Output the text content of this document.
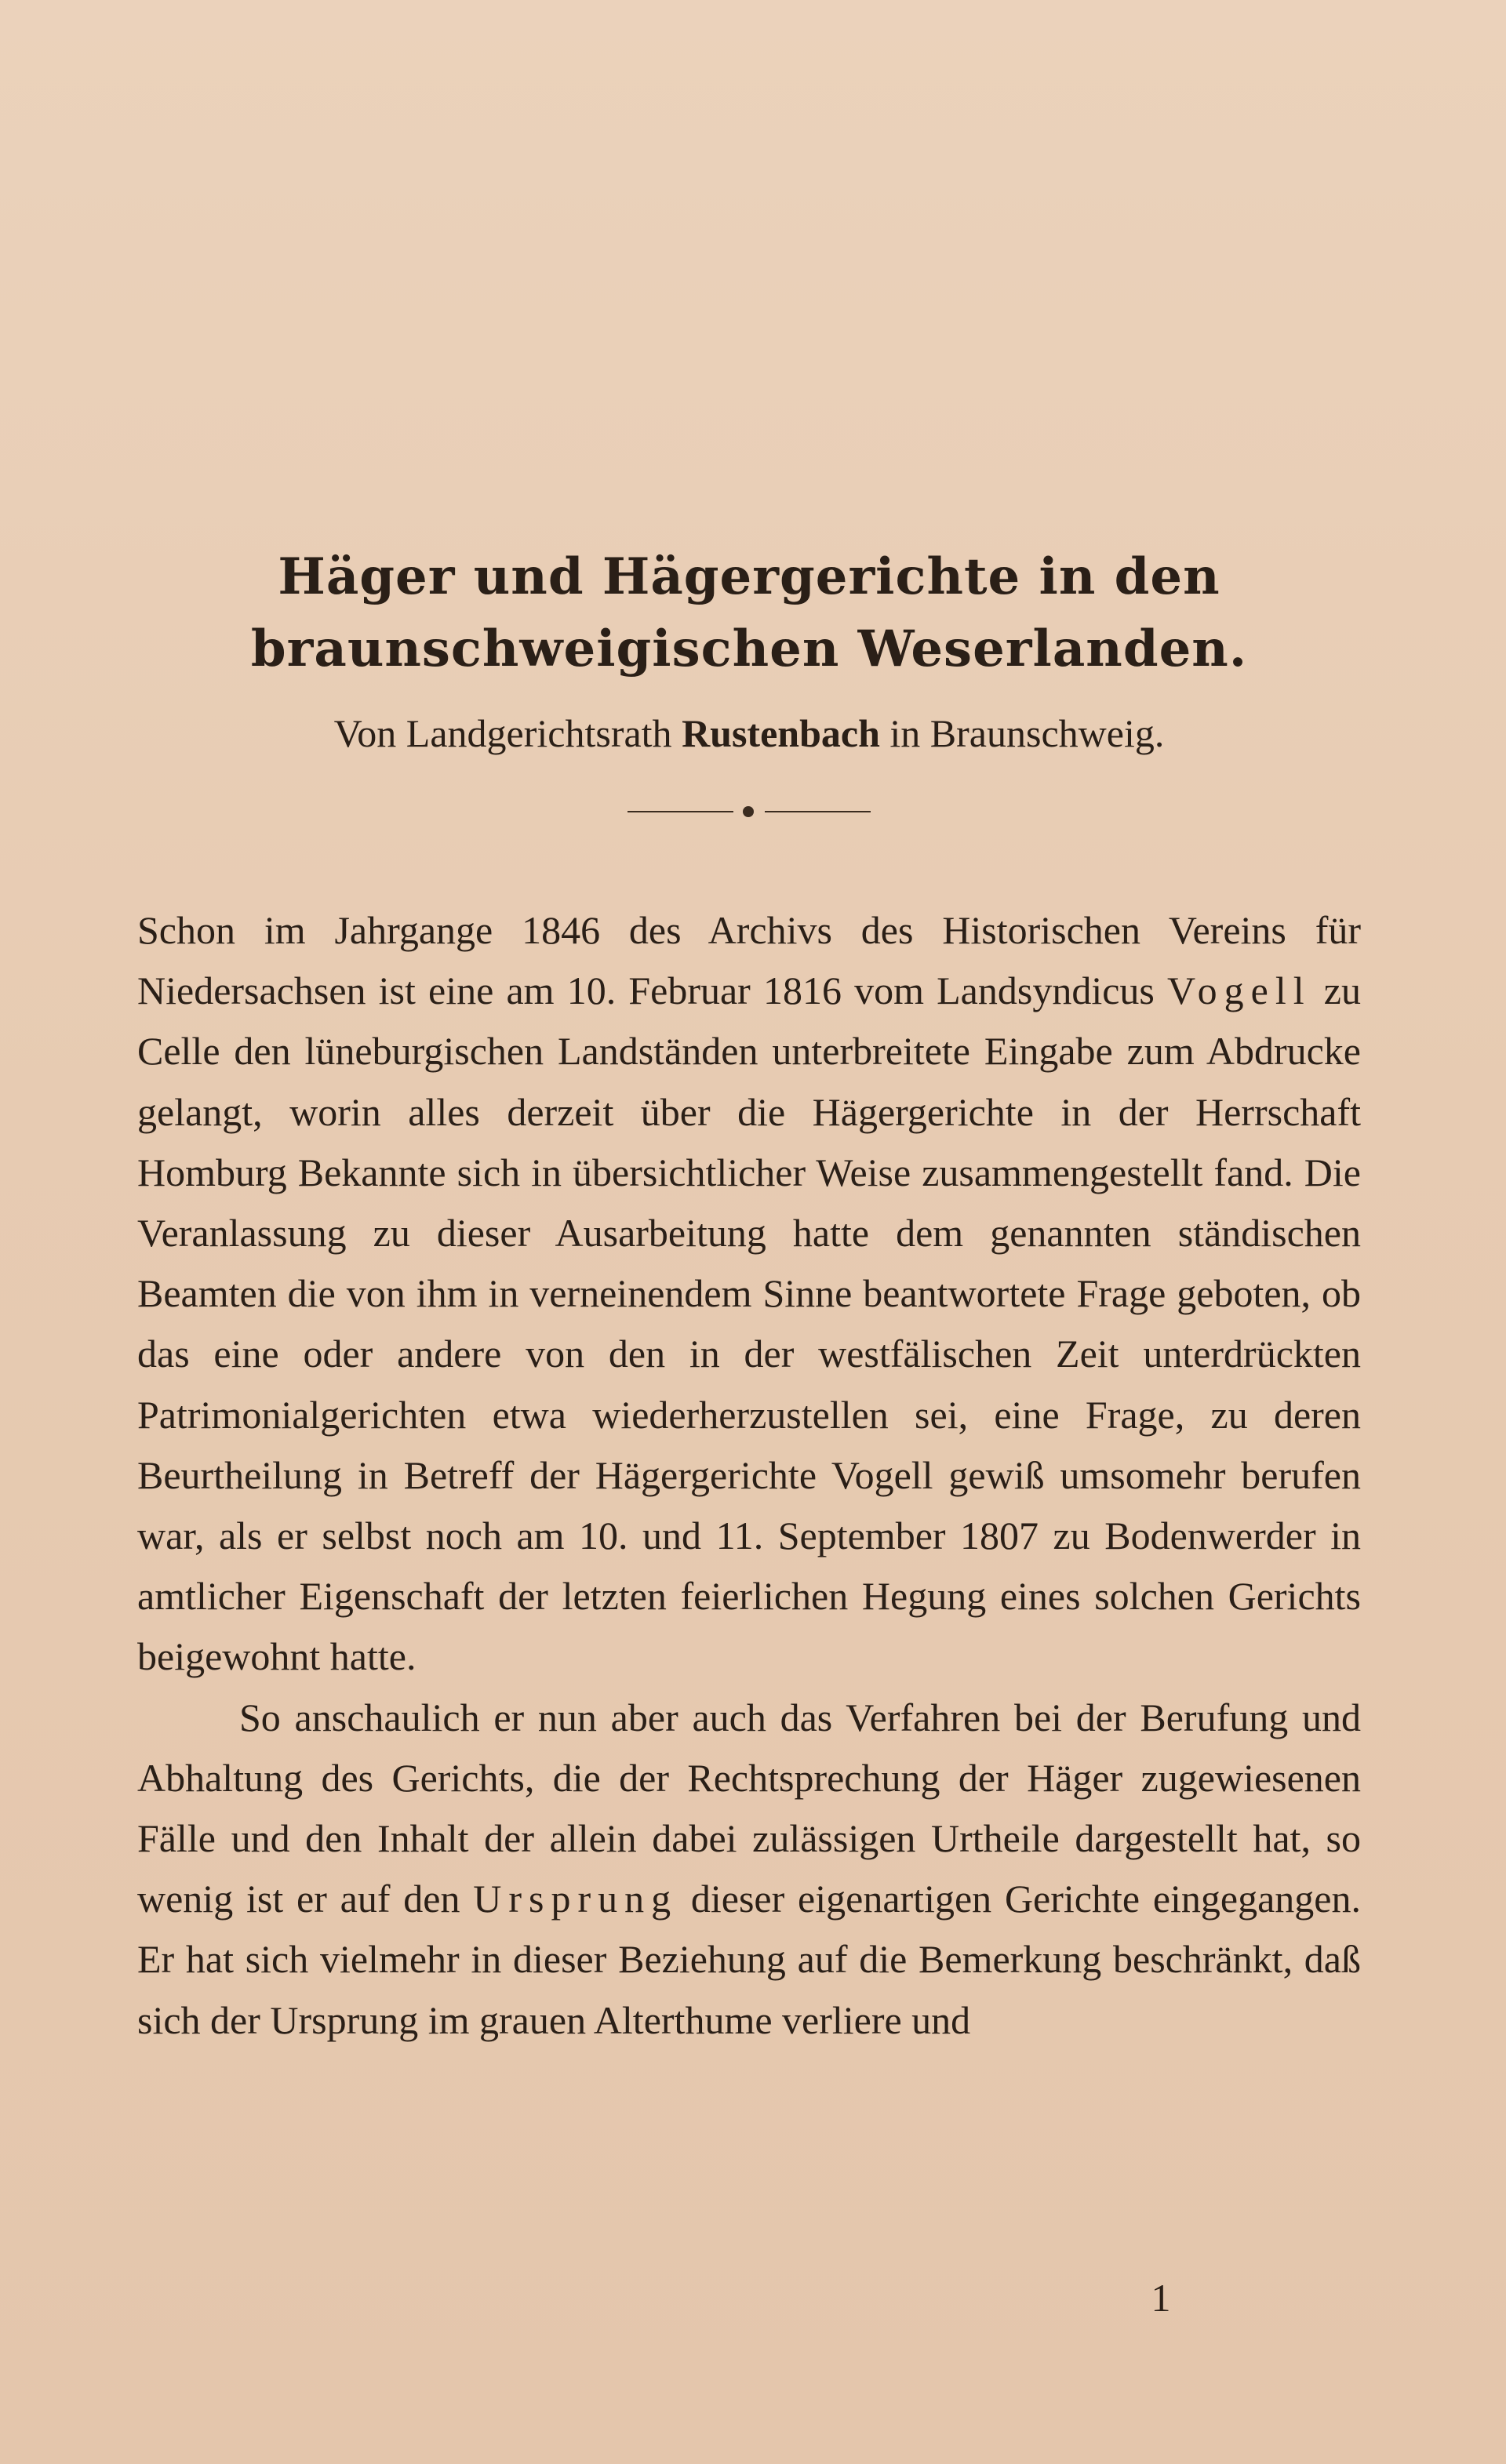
Häger und Hägergerichte in den braunschweigischen Weserlanden.
Von Landgerichtsrath Rustenbach in Braunschweig.

Schon im Jahrgange 1846 des Archivs des Historischen Vereins für Niedersachsen ist eine am 10. Februar 1816 vom Landsyndicus Vogell zu Celle den lüneburgischen Landständen unterbreitete Eingabe zum Abdrucke gelangt, worin alles derzeit über die Hägergerichte in der Herrschaft Homburg Bekannte sich in übersichtlicher Weise zusammengestellt fand. Die Veranlassung zu dieser Ausarbeitung hatte dem genannten ständischen Beamten die von ihm in verneinendem Sinne beantwortete Frage geboten, ob das eine oder andere von den in der westfälischen Zeit unterdrückten Patrimonialgerichten etwa wiederherzustellen sei, eine Frage, zu deren Beurtheilung in Betreff der Hägergerichte Vogell gewiß umsomehr berufen war, als er selbst noch am 10. und 11. September 1807 zu Bodenwerder in amtlicher Eigenschaft der letzten feierlichen Hegung eines solchen Gerichts beigewohnt hatte.

So anschaulich er nun aber auch das Verfahren bei der Berufung und Abhaltung des Gerichts, die der Rechtsprechung der Häger zugewiesenen Fälle und den Inhalt der allein dabei zulässigen Urtheile dargestellt hat, so wenig ist er auf den Ursprung dieser eigenartigen Gerichte eingegangen. Er hat sich vielmehr in dieser Beziehung auf die Bemerkung beschränkt, daß sich der Ursprung im grauen Alterthume verliere und

1
